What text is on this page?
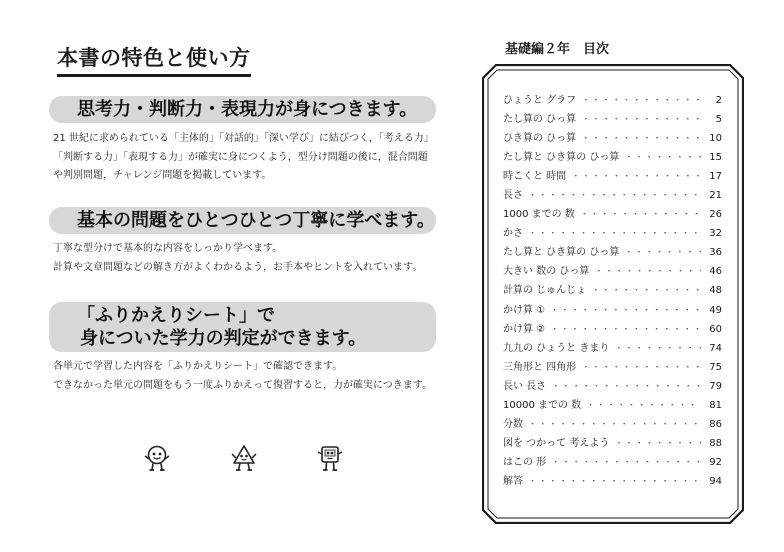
本書の特色と使い方
思考力・判断力・表現力が身につきます。
21 世紀に求められている「主体的」「対話的」「深い学び」に結びつく，「考える力」
「判断する力」「表現する力」が確実に身につくよう，型分け問題の後に，混合問題
や判別問題，チャレンジ問題を掲載しています。
基本の問題をひとつひとつ丁寧に学べます。
丁寧な型分けで基本的な内容をしっかり学べます。
計算や文章問題などの解き方がよくわかるよう，お手本やヒントを入れています。
「ふりかえりシート」で
身についた学力の判定ができます。
各単元で学習した内容を「ふりかえりシート」で確認できます。
できなかった単元の問題をもう一度ふりかえって復習すると，力が確実につきます。
基礎編２年　目次
ひょうと グラフ ・・・・・・・・・・・・・・・・・・・・・・・・・・・・・・・・・・・・・・・・・・・・・・・・	2
たし算の ひっ算 ・・・・・・・・・・・・・・・・・・・・・・・・・・・・・・・・・・・・・・・・・・・・・・・・	5
ひき算の ひっ算 ・・・・・・・・・・・・・・・・・・・・・・・・・・・・・・・・・・・・・・・・・・・・・・・・	10
たし算と ひき算の ひっ算 ・・・・・・・・・・・・・・・・・・・・・・・・・・・・・・・・・・・・・・・・・・・・・・・・	15
時こくと 時間 ・・・・・・・・・・・・・・・・・・・・・・・・・・・・・・・・・・・・・・・・・・・・・・・・	17
長さ ・・・・・・・・・・・・・・・・・・・・・・・・・・・・・・・・・・・・・・・・・・・・・・・・	21
1000 までの 数 ・・・・・・・・・・・・・・・・・・・・・・・・・・・・・・・・・・・・・・・・・・・・・・・・	26
かさ ・・・・・・・・・・・・・・・・・・・・・・・・・・・・・・・・・・・・・・・・・・・・・・・・	32
たし算と ひき算の ひっ算 ・・・・・・・・・・・・・・・・・・・・・・・・・・・・・・・・・・・・・・・・・・・・・・・・	36
大きい 数の ひっ算 ・・・・・・・・・・・・・・・・・・・・・・・・・・・・・・・・・・・・・・・・・・・・・・・・	46
計算の じゅんじょ ・・・・・・・・・・・・・・・・・・・・・・・・・・・・・・・・・・・・・・・・・・・・・・・・	48
かけ算 ① ・・・・・・・・・・・・・・・・・・・・・・・・・・・・・・・・・・・・・・・・・・・・・・・・	49
かけ算 ② ・・・・・・・・・・・・・・・・・・・・・・・・・・・・・・・・・・・・・・・・・・・・・・・・	60
九九の ひょうと きまり ・・・・・・・・・・・・・・・・・・・・・・・・・・・・・・・・・・・・・・・・・・・・・・・・	74
三角形と 四角形 ・・・・・・・・・・・・・・・・・・・・・・・・・・・・・・・・・・・・・・・・・・・・・・・・	75
長い 長さ ・・・・・・・・・・・・・・・・・・・・・・・・・・・・・・・・・・・・・・・・・・・・・・・・	79
10000 までの 数 ・・・・・・・・・・・・・・・・・・・・・・・・・・・・・・・・・・・・・・・・・・・・・・・・	81
分数 ・・・・・・・・・・・・・・・・・・・・・・・・・・・・・・・・・・・・・・・・・・・・・・・・	86
図を つかって 考えよう ・・・・・・・・・・・・・・・・・・・・・・・・・・・・・・・・・・・・・・・・・・・・・・・・	88
はこの 形 ・・・・・・・・・・・・・・・・・・・・・・・・・・・・・・・・・・・・・・・・・・・・・・・・	92
解答 ・・・・・・・・・・・・・・・・・・・・・・・・・・・・・・・・・・・・・・・・・・・・・・・・	94
